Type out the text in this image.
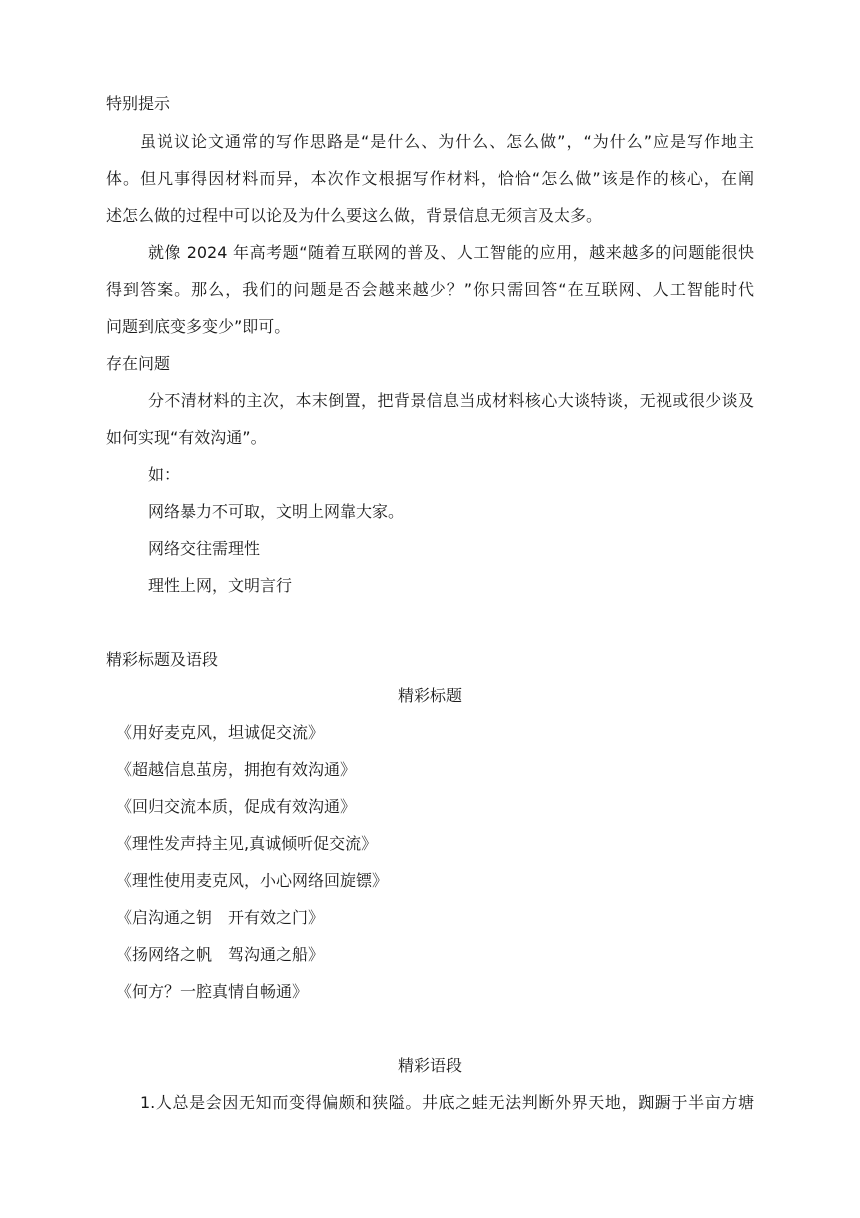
特别提示
虽说议论文通常的写作思路是“是什么、为什么、怎么做”，“为什么”应是写作地主
体。但凡事得因材料而异，本次作文根据写作材料，恰恰“怎么做”该是作的核心，在阐
述怎么做的过程中可以论及为什么要这么做，背景信息无须言及太多。
就像 2024 年高考题“随着互联网的普及、人工智能的应用，越来越多的问题能很快
得到答案。那么，我们的问题是否会越来越少？”你只需回答“在互联网、人工智能时代
问题到底变多变少”即可。
存在问题
分不清材料的主次，本末倒置，把背景信息当成材料核心大谈特谈，无视或很少谈及
如何实现“有效沟通”。
如：
网络暴力不可取，文明上网靠大家。
网络交往需理性
理性上网，文明言行
精彩标题及语段
精彩标题
《用好麦克风，坦诚促交流》
《超越信息茧房，拥抱有效沟通》
《回归交流本质，促成有效沟通》
《理性发声持主见,真诚倾听促交流》
《理性使用麦克风，小心网络回旋镖》
《启沟通之钥　开有效之门》
《扬网络之帆　驾沟通之船》
《何方？一腔真情自畅通》
精彩语段
1.人总是会因无知而变得偏颇和狭隘。井底之蛙无法判断外界天地，踟蹰于半亩方塘
